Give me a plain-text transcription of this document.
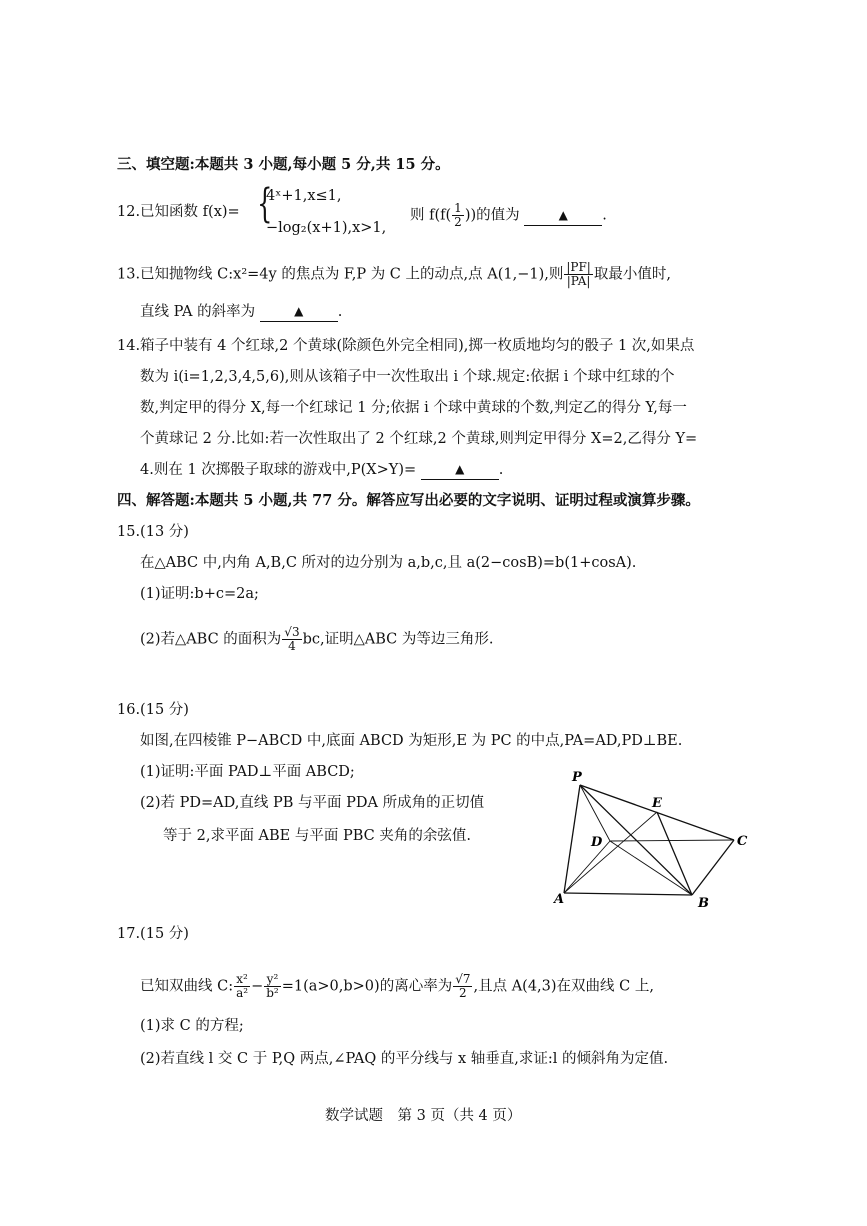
三、填空题:本题共 3 小题,每小题 5 分,共 15 分。
12.已知函数 f(x)= {
4ˣ+1,x≤1,
−log₂(x+1),x>1,
则 $f(f( \frac{1}{2}$ ))的值为	▲ .
13.已知抛物线 C:x²=4y 的焦点为 F,P 为 C 上的动点,点 A(1,−1),则 $\frac{|PF|}{|PA|}$ 取最小值时,
直线 PA 的斜率为	▲ .
14.箱子中装有 4 个红球,2 个黄球(除颜色外完全相同),掷一枚质地均匀的骰子 1 次,如果点
数为 i(i=1,2,3,4,5,6),则从该箱子中一次性取出 i 个球.规定:依据 i 个球中红球的个
数,判定甲的得分 X,每一个红球记 1 分;依据 i 个球中黄球的个数,判定乙的得分 Y,每一
个黄球记 2 分.比如:若一次性取出了 2 个红球,2 个黄球,则判定甲得分 X=2,乙得分 Y=
4.则在 1 次掷骰子取球的游戏中,P(X>Y)=	▲ .
四、解答题:本题共 5 小题,共 77 分。解答应写出必要的文字说明、证明过程或演算步骤。
15.(13 分)
在△ABC 中,内角 A,B,C 所对的边分别为 a,b,c,且 a(2−cosB)=b(1+cosA).
(1)证明:b+c=2a;
(2)若△ABC 的面积为 $\frac{√3}{4}$ bc,证明△ABC 为等边三角形.
16.(15 分)
如图,在四棱锥 P−ABCD 中,底面 ABCD 为矩形,E 为 PC 的中点,PA=AD,PD⊥BE.
(1)证明:平面 PAD⊥平面 ABCD;
(2)若 PD=AD,直线 PB 与平面 PDA 所成角的正切值
等于 2,求平面 ABE 与平面 PBC 夹角的余弦值.
P
E
D	C
A	B
17.(15 分)
已知双曲线 C: $\frac{\text{x²}}{\text{a²}} - \frac{\text{y²}}{\text{b²}} =1(a>0,b>0)$的离心率为 $\frac{√7}{2}$ ,且点 A(4,3)在双曲线 C 上,
(1)求 C 的方程;
(2)若直线 l 交 C 于 P,Q 两点,∠PAQ 的平分线与 x 轴垂直,求证:l 的倾斜角为定值.
数学试题　第 3 页（共 4 页）
